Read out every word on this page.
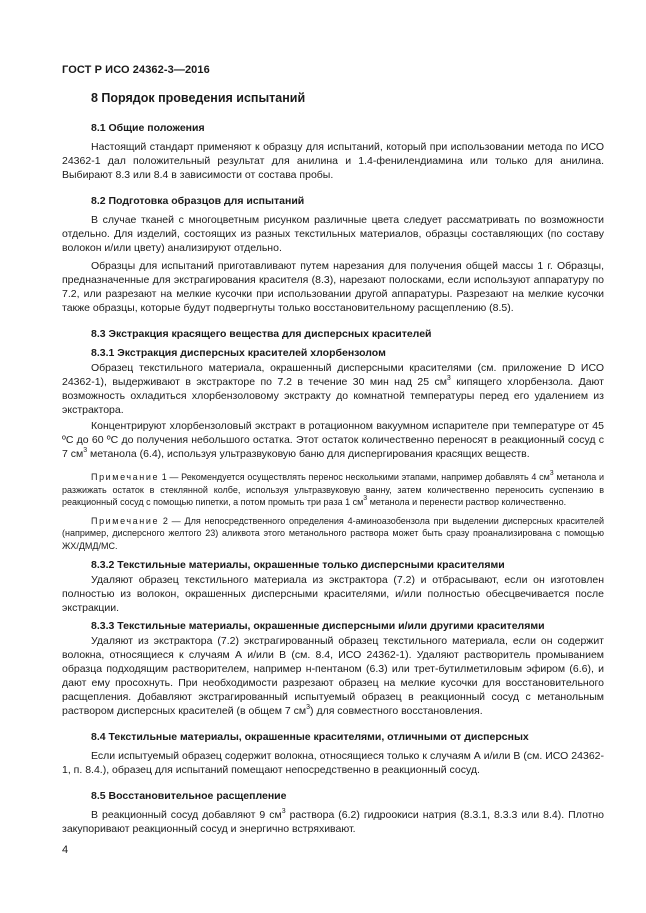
ГОСТ Р ИСО 24362-3—2016
8 Порядок проведения испытаний
8.1 Общие положения

Настоящий стандарт применяют к образцу для испытаний, который при использовании метода по ИСО 24362-1 дал положительный результат для анилина и 1.4-фенилендиамина или только для анилина. Выбирают 8.3 или 8.4 в зависимости от состава пробы.

8.2 Подготовка образцов для испытаний

В случае тканей с многоцветным рисунком различные цвета следует рассматривать по возможности отдельно. Для изделий, состоящих из разных текстильных материалов, образцы составляющих (по составу волокон и/или цвету) анализируют отдельно.

Образцы для испытаний приготавливают путем нарезания для получения общей массы 1 г. Образцы, предназначенные для экстрагирования красителя (8.3), нарезают полосками, если используют аппаратуру по 7.2, или разрезают на мелкие кусочки при использовании другой аппаратуры. Разрезают на мелкие кусочки также образцы, которые будут подвергнуты только восстановительному расщеплению (8.5).

8.3 Экстракция красящего вещества для дисперсных красителей
8.3.1 Экстракция дисперсных красителей хлорбензолом

Образец текстильного материала, окрашенный дисперсными красителями (см. приложение D ИСО 24362-1), выдерживают в экстракторе по 7.2 в течение 30 мин над 25 $см^3$ кипящего хлорбензола. Дают возможность охладиться хлорбензоловому экстракту до комнатной температуры перед его удалением из экстрактора.

Концентрируют хлорбензоловый экстракт в ротационном вакуумном испарителе при температуре от 45 ºС до 60 ºС до получения небольшого остатка. Этот остаток количественно переносят в реакционный сосуд с 7 $см^3$ метанола (6.4), используя ультразвуковую баню для диспергирования красящих веществ.

Примечание 1 — Рекомендуется осуществлять перенос несколькими этапами, например добавлять 4 $см^3$ метанола и разжижать остаток в стеклянной колбе, используя ультразвуковую ванну, затем количественно переносить суспензию в реакционный сосуд с помощью пипетки, а потом промыть три раза 1 $см^3$ метанола и перенести раствор количественно.

Примечание 2 — Для непосредственного определения 4-аминоазобензола при выделении дисперсных красителей (например, дисперсного желтого 23) аликвота этого метанольного раствора может быть сразу проанализирована с помощью ЖХ/ДМД/МС.

8.3.2 Текстильные материалы, окрашенные только дисперсными красителями

Удаляют образец текстильного материала из экстрактора (7.2) и отбрасывают, если он изготовлен полностью из волокон, окрашенных дисперсными красителями, и/или полностью обесцвечивается после экстракции.

8.3.3 Текстильные материалы, окрашенные дисперсными и/или другими красителями

Удаляют из экстрактора (7.2) экстрагированный образец текстильного материала, если он содержит волокна, относящиеся к случаям А и/или В (см. 8.4, ИСО 24362-1). Удаляют растворитель промыванием образца подходящим растворителем, например н-пентаном (6.3) или трет-бутилметиловым эфиром (6.6), и дают ему просохнуть. При необходимости разрезают образец на мелкие кусочки для восстановительного расщепления. Добавляют экстрагированный испытуемый образец в реакционный сосуд с метанольным раствором дисперсных красителей (в общем 7 $см^3$) для совместного восстановления.

8.4 Текстильные материалы, окрашенные красителями, отличными от дисперсных

Если испытуемый образец содержит волокна, относящиеся только к случаям А и/или В (см. ИСО 24362-1, п. 8.4.), образец для испытаний помещают непосредственно в реакционный сосуд.

8.5 Восстановительное расщепление

В реакционный сосуд добавляют 9 $см^3$ раствора (6.2) гидроокиси натрия (8.3.1, 8.3.3 или 8.4). Плотно закупоривают реакционный сосуд и энергично встряхивают.

4
